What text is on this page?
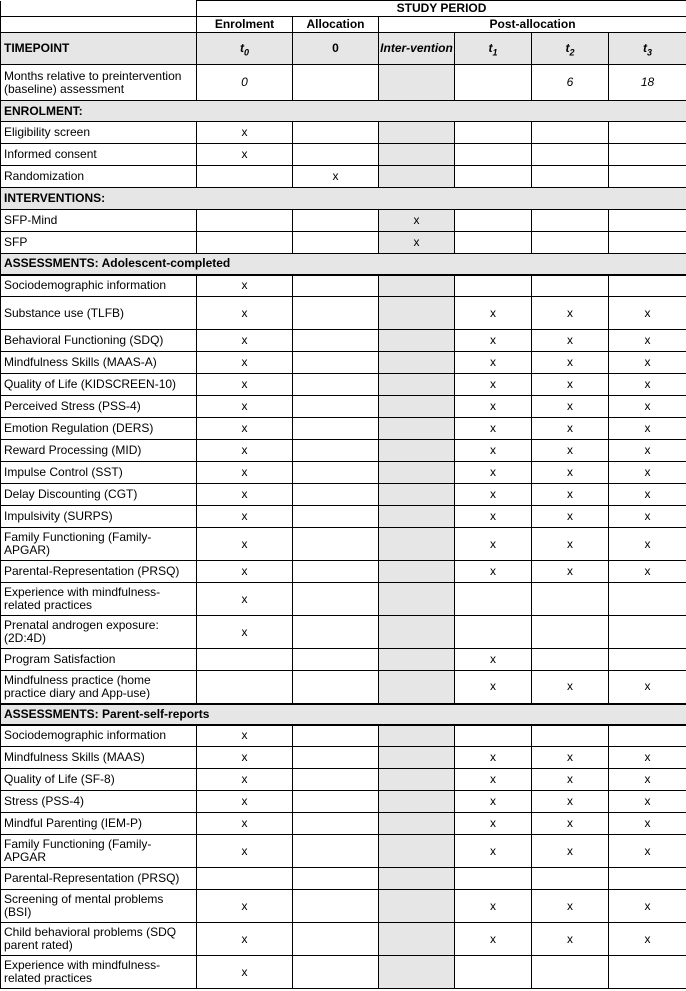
	STUDY PERIOD					
	Enrolment	Allocation	Post-allocation			
TIMEPOINT	$t_0$	0	Inter-vention	$t_1$	$t_2$	$t_3$
Months relative to preintervention (baseline) assessment	0				6	18
ENROLMENT:						
Eligibility screen	x					
Informed consent	x					
Randomization		x				
INTERVENTIONS:						
SFP-Mind			x			
SFP			x			
ASSESSMENTS: Adolescent-completed						
Sociodemographic information	x					
Substance use (TLFB)	x			x	x	x
Behavioral Functioning (SDQ)	x			x	x	x
Mindfulness Skills (MAAS-A)	x			x	x	x
Quality of Life (KIDSCREEN-10)	x			x	x	x
Perceived Stress (PSS-4)	x			x	x	x
Emotion Regulation (DERS)	x			x	x	x
Reward Processing (MID)	x			x	x	x
Impulse Control (SST)	x			x	x	x
Delay Discounting (CGT)	x			x	x	x
Impulsivity (SURPS)	x			x	x	x
Family Functioning (Family-APGAR)	x			x	x	x
Parental-Representation (PRSQ)	x			x	x	x
Experience with mindfulness-related practices	x					
Prenatal androgen exposure: (2D:4D)	x					
Program Satisfaction				x		
Mindfulness practice (home practice diary and App-use)				x	x	x
ASSESSMENTS: Parent-self-reports						
Sociodemographic information	x					
Mindfulness Skills (MAAS)	x			x	x	x
Quality of Life (SF-8)	x			x	x	x
Stress (PSS-4)	x			x	x	x
Mindful Parenting (IEM-P)	x			x	x	x
Family Functioning (Family-APGAR	x			x	x	x
Parental-Representation (PRSQ)						
Screening of mental problems (BSI)	x			x	x	x
Child behavioral problems (SDQ parent rated)	x			x	x	x
Experience with mindfulness-related practices	x					
